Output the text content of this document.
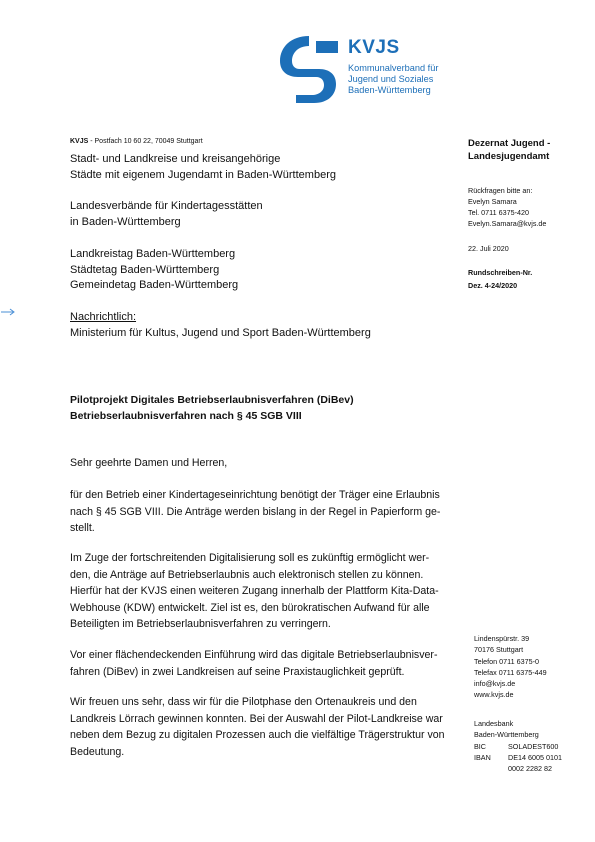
KVJS
Kommunalverband für
Jugend und Soziales
Baden-Württemberg
KVJS - Postfach 10 60 22, 70049 Stuttgart
Stadt- und Landkreise und kreisangehörige
Städte mit eigenem Jugendamt in Baden-Württemberg
Landesverbände für Kindertagesstätten
in Baden-Württemberg
Landkreistag Baden-Württemberg
Städtetag Baden-Württemberg
Gemeindetag Baden-Württemberg
Nachrichtlich:
Ministerium für Kultus, Jugend und Sport Baden-Württemberg
Dezernat Jugend -
Landesjugendamt
Rückfragen bitte an:
Evelyn Samara
Tel. 0711 6375-420
Evelyn.Samara@kvjs.de
22. Juli 2020
Rundschreiben-Nr.
Dez. 4-24/2020
Pilotprojekt Digitales Betriebserlaubnisverfahren (DiBev)
Betriebserlaubnisverfahren nach § 45 SGB VIII
Sehr geehrte Damen und Herren,
für den Betrieb einer Kindertageseinrichtung benötigt der Träger eine Erlaubnis
nach § 45 SGB VIII. Die Anträge werden bislang in der Regel in Papierform ge-
stellt.
Im Zuge der fortschreitenden Digitalisierung soll es zukünftig ermöglicht wer-
den, die Anträge auf Betriebserlaubnis auch elektronisch stellen zu können.
Hierfür hat der KVJS einen weiteren Zugang innerhalb der Plattform Kita-Data-
Webhouse (KDW) entwickelt. Ziel ist es, den bürokratischen Aufwand für alle
Beteiligten im Betriebserlaubnisverfahren zu verringern.
Vor einer flächendeckenden Einführung wird das digitale Betriebserlaubnisver-
fahren (DiBev) in zwei Landkreisen auf seine Praxistauglichkeit geprüft.
Wir freuen uns sehr, dass wir für die Pilotphase den Ortenaukreis und den
Landkreis Lörrach gewinnen konnten. Bei der Auswahl der Pilot-Landkreise war
neben dem Bezug zu digitalen Prozessen auch die vielfältige Trägerstruktur von
Bedeutung.
Lindenspürstr. 39
70176 Stuttgart
Telefon 0711 6375-0
Telefax 0711 6375-449
info@kvjs.de
www.kvjs.de
Landesbank
Baden-Württemberg
BIC	SOLADEST600
IBAN DE14 6005 0101
0002 2282 82
